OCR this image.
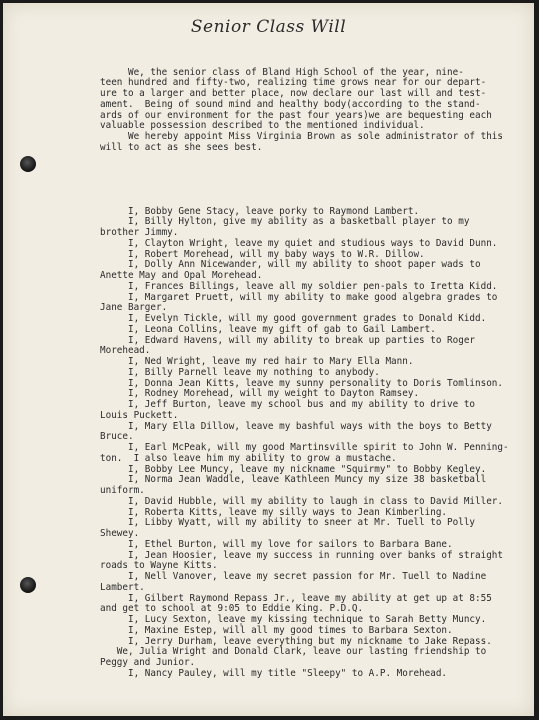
Senior Class Will

We, the senior class of Bland High School of the year, nine-
teen hundred and fifty-two, realizing time grows near for our depart-
ure to a larger and better place, now declare our last will and test-
ament.  Being of sound mind and healthy body(according to the stand-
ards of our environment for the past four years)we are bequesting each
valuable possession described to the mentioned individual.
We hereby appoint Miss Virginia Brown as sole administrator of this
will to act as she sees best.

I, Bobby Gene Stacy, leave porky to Raymond Lambert.
I, Billy Hylton, give my ability as a basketball player to my
brother Jimmy.
I, Clayton Wright, leave my quiet and studious ways to David Dunn.
I, Robert Morehead, will my baby ways to W.R. Dillow.
I, Dolly Ann Nicewander, will my ability to shoot paper wads to
Anette May and Opal Morehead.
I, Frances Billings, leave all my soldier pen-pals to Iretta Kidd.
I, Margaret Pruett, will my ability to make good algebra grades to
Jane Barger.
I, Evelyn Tickle, will my good government grades to Donald Kidd.
I, Leona Collins, leave my gift of gab to Gail Lambert.
I, Edward Havens, will my ability to break up parties to Roger
Morehead.
I, Ned Wright, leave my red hair to Mary Ella Mann.
I, Billy Parnell leave my nothing to anybody.
I, Donna Jean Kitts, leave my sunny personality to Doris Tomlinson.
I, Rodney Morehead, will my weight to Dayton Ramsey.
I, Jeff Burton, leave my school bus and my ability to drive to
Louis Puckett.
I, Mary Ella Dillow, leave my bashful ways with the boys to Betty
Bruce.
I, Earl McPeak, will my good Martinsville spirit to John W. Penning-
ton.  I also leave him my ability to grow a mustache.
I, Bobby Lee Muncy, leave my nickname "Squirmy" to Bobby Kegley.
I, Norma Jean Waddle, leave Kathleen Muncy my size 38 basketball
uniform.
I, David Hubble, will my ability to laugh in class to David Miller.
I, Roberta Kitts, leave my silly ways to Jean Kimberling.
I, Libby Wyatt, will my ability to sneer at Mr. Tuell to Polly
Shewey.
I, Ethel Burton, will my love for sailors to Barbara Bane.
I, Jean Hoosier, leave my success in running over banks of straight
roads to Wayne Kitts.
I, Nell Vanover, leave my secret passion for Mr. Tuell to Nadine
Lambert.
I, Gilbert Raymond Repass Jr., leave my ability at get up at 8:55
and get to school at 9:05 to Eddie King. P.D.Q.
I, Lucy Sexton, leave my kissing technique to Sarah Betty Muncy.
I, Maxine Estep, will all my good times to Barbara Sexton.
I, Jerry Durham, leave everything but my nickname to Jake Repass.
We, Julia Wright and Donald Clark, leave our lasting friendship to
Peggy and Junior.
I, Nancy Pauley, will my title "Sleepy" to A.P. Morehead.
